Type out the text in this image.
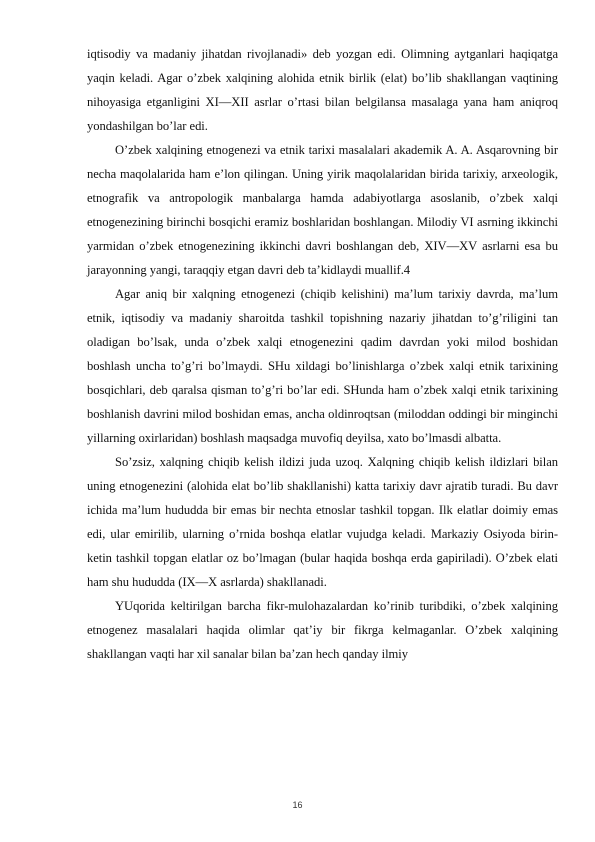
iqtisodiy va madaniy jihatdan rivojlanadi» deb yozgan edi. Olimning aytganlari haqiqatga yaqin keladi. Agar o’zbek xalqining alohida etnik birlik (elat) bo’lib shakllangan vaqtining nihoyasiga etganligini XI—XII asrlar o’rtasi bilan belgilansa masalaga yana ham aniqroq yondashilgan bo’lar edi.

O’zbek xalqining etnogenezi va etnik tarixi masalalari akademik A. A. Asqarovning bir necha maqolalarida ham e’lon qilingan. Uning yirik maqolalaridan birida tarixiy, arxeologik, etnografik va antropologik manbalarga hamda adabiyotlarga asoslanib, o’zbek xalqi etnogenezining birinchi bosqichi eramiz boshlaridan boshlangan. Milodiy VI asrning ikkinchi yarmidan o’zbek etnogenezining ikkinchi davri boshlangan deb, XIV—XV asrlarni esa bu jarayonning yangi, taraqqiy etgan davri deb ta’kidlaydi muallif.4

Agar aniq bir xalqning etnogenezi (chiqib kelishini) ma’lum tarixiy davrda, ma’lum etnik, iqtisodiy va madaniy sharoitda tashkil topishning nazariy jihatdan to’g’riligini tan oladigan bo’lsak, unda o’zbek xalqi etnogenezini qadim davrdan yoki milod boshidan boshlash uncha to’g’ri bo’lmaydi. SHu xildagi bo’linishlarga o’zbek xalqi etnik tarixining bosqichlari, deb qaralsa qisman to’g’ri bo’lar edi. SHunda ham o’zbek xalqi etnik tarixining boshlanish davrini milod boshidan emas, ancha oldinroqtsan (miloddan oddingi bir minginchi yillarning oxirlaridan) boshlash maqsadga muvofiq deyilsa, xato bo’lmasdi albatta.

So’zsiz, xalqning chiqib kelish ildizi juda uzoq. Xalqning chiqib kelish ildizlari bilan uning etnogenezini (alohida elat bo’lib shakllanishi) katta tarixiy davr ajratib turadi. Bu davr ichida ma’lum hududda bir emas bir nechta etnoslar tashkil topgan. Ilk elatlar doimiy emas edi, ular emirilib, ularning o’rnida boshqa elatlar vujudga keladi. Markaziy Osiyoda birin-ketin tashkil topgan elatlar oz bo’lmagan (bular haqida boshqa erda gapiriladi). O’zbek elati ham shu hududda (IX—X asrlarda) shakllanadi.

YUqorida keltirilgan barcha fikr-mulohazalardan ko’rinib turibdiki, o’zbek xalqining etnogenez masalalari haqida olimlar qat’iy bir fikrga kelmaganlar. O’zbek xalqining shakllangan vaqti har xil sanalar bilan ba’zan hech qanday ilmiy

16
